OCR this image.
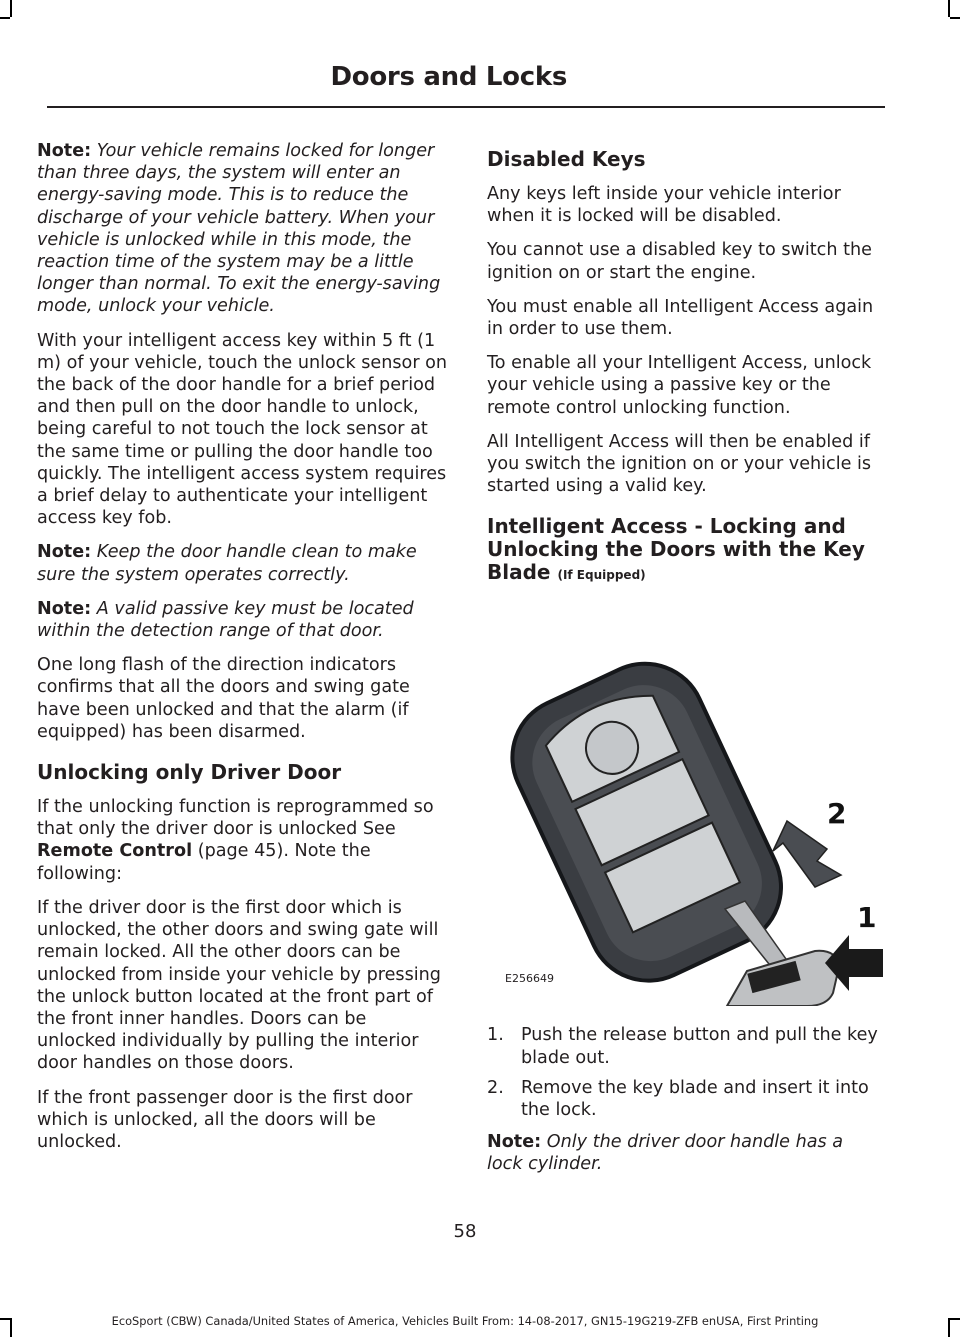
Doors and Locks

Note: Your vehicle remains locked for longer than three days, the system will enter an energy-saving mode. This is to reduce the discharge of your vehicle battery. When your vehicle is unlocked while in this mode, the reaction time of the system may be a little longer than normal. To exit the energy-saving mode, unlock your vehicle.

With your intelligent access key within 5 ft (1 m) of your vehicle, touch the unlock sensor on the back of the door handle for a brief period and then pull on the door handle to unlock, being careful to not touch the lock sensor at the same time or pulling the door handle too quickly. The intelligent access system requires a brief delay to authenticate your intelligent access key fob.

Note: Keep the door handle clean to make sure the system operates correctly.

Note: A valid passive key must be located within the detection range of that door.

One long flash of the direction indicators confirms that all the doors and swing gate have been unlocked and that the alarm (if equipped) has been disarmed.

Unlocking only Driver Door

If the unlocking function is reprogrammed so that only the driver door is unlocked See Remote Control (page 45). Note the following:

If the driver door is the first door which is unlocked, the other doors and swing gate will remain locked. All the other doors can be unlocked from inside your vehicle by pressing the unlock button located at the front part of the front inner handles. Doors can be unlocked individually by pulling the interior door handles on those doors.

If the front passenger door is the first door which is unlocked, all the doors will be unlocked.

Disabled Keys

Any keys left inside your vehicle interior when it is locked will be disabled.

You cannot use a disabled key to switch the ignition on or start the engine.

You must enable all Intelligent Access again in order to use them.

To enable all your Intelligent Access, unlock your vehicle using a passive key or the remote control unlocking function.

All Intelligent Access will then be enabled if you switch the ignition on or your vehicle is started using a valid key.

Intelligent Access - Locking and Unlocking the Doors with the Key Blade (If Equipped)
2
1
E256649
1. Push the release button and pull the key blade out.
2. Remove the key blade and insert it into the lock.

Note: Only the driver door handle has a lock cylinder.

58
EcoSport (CBW) Canada/United States of America, Vehicles Built From: 14-08-2017, GN15-19G219-ZFB enUSA, First Printing
